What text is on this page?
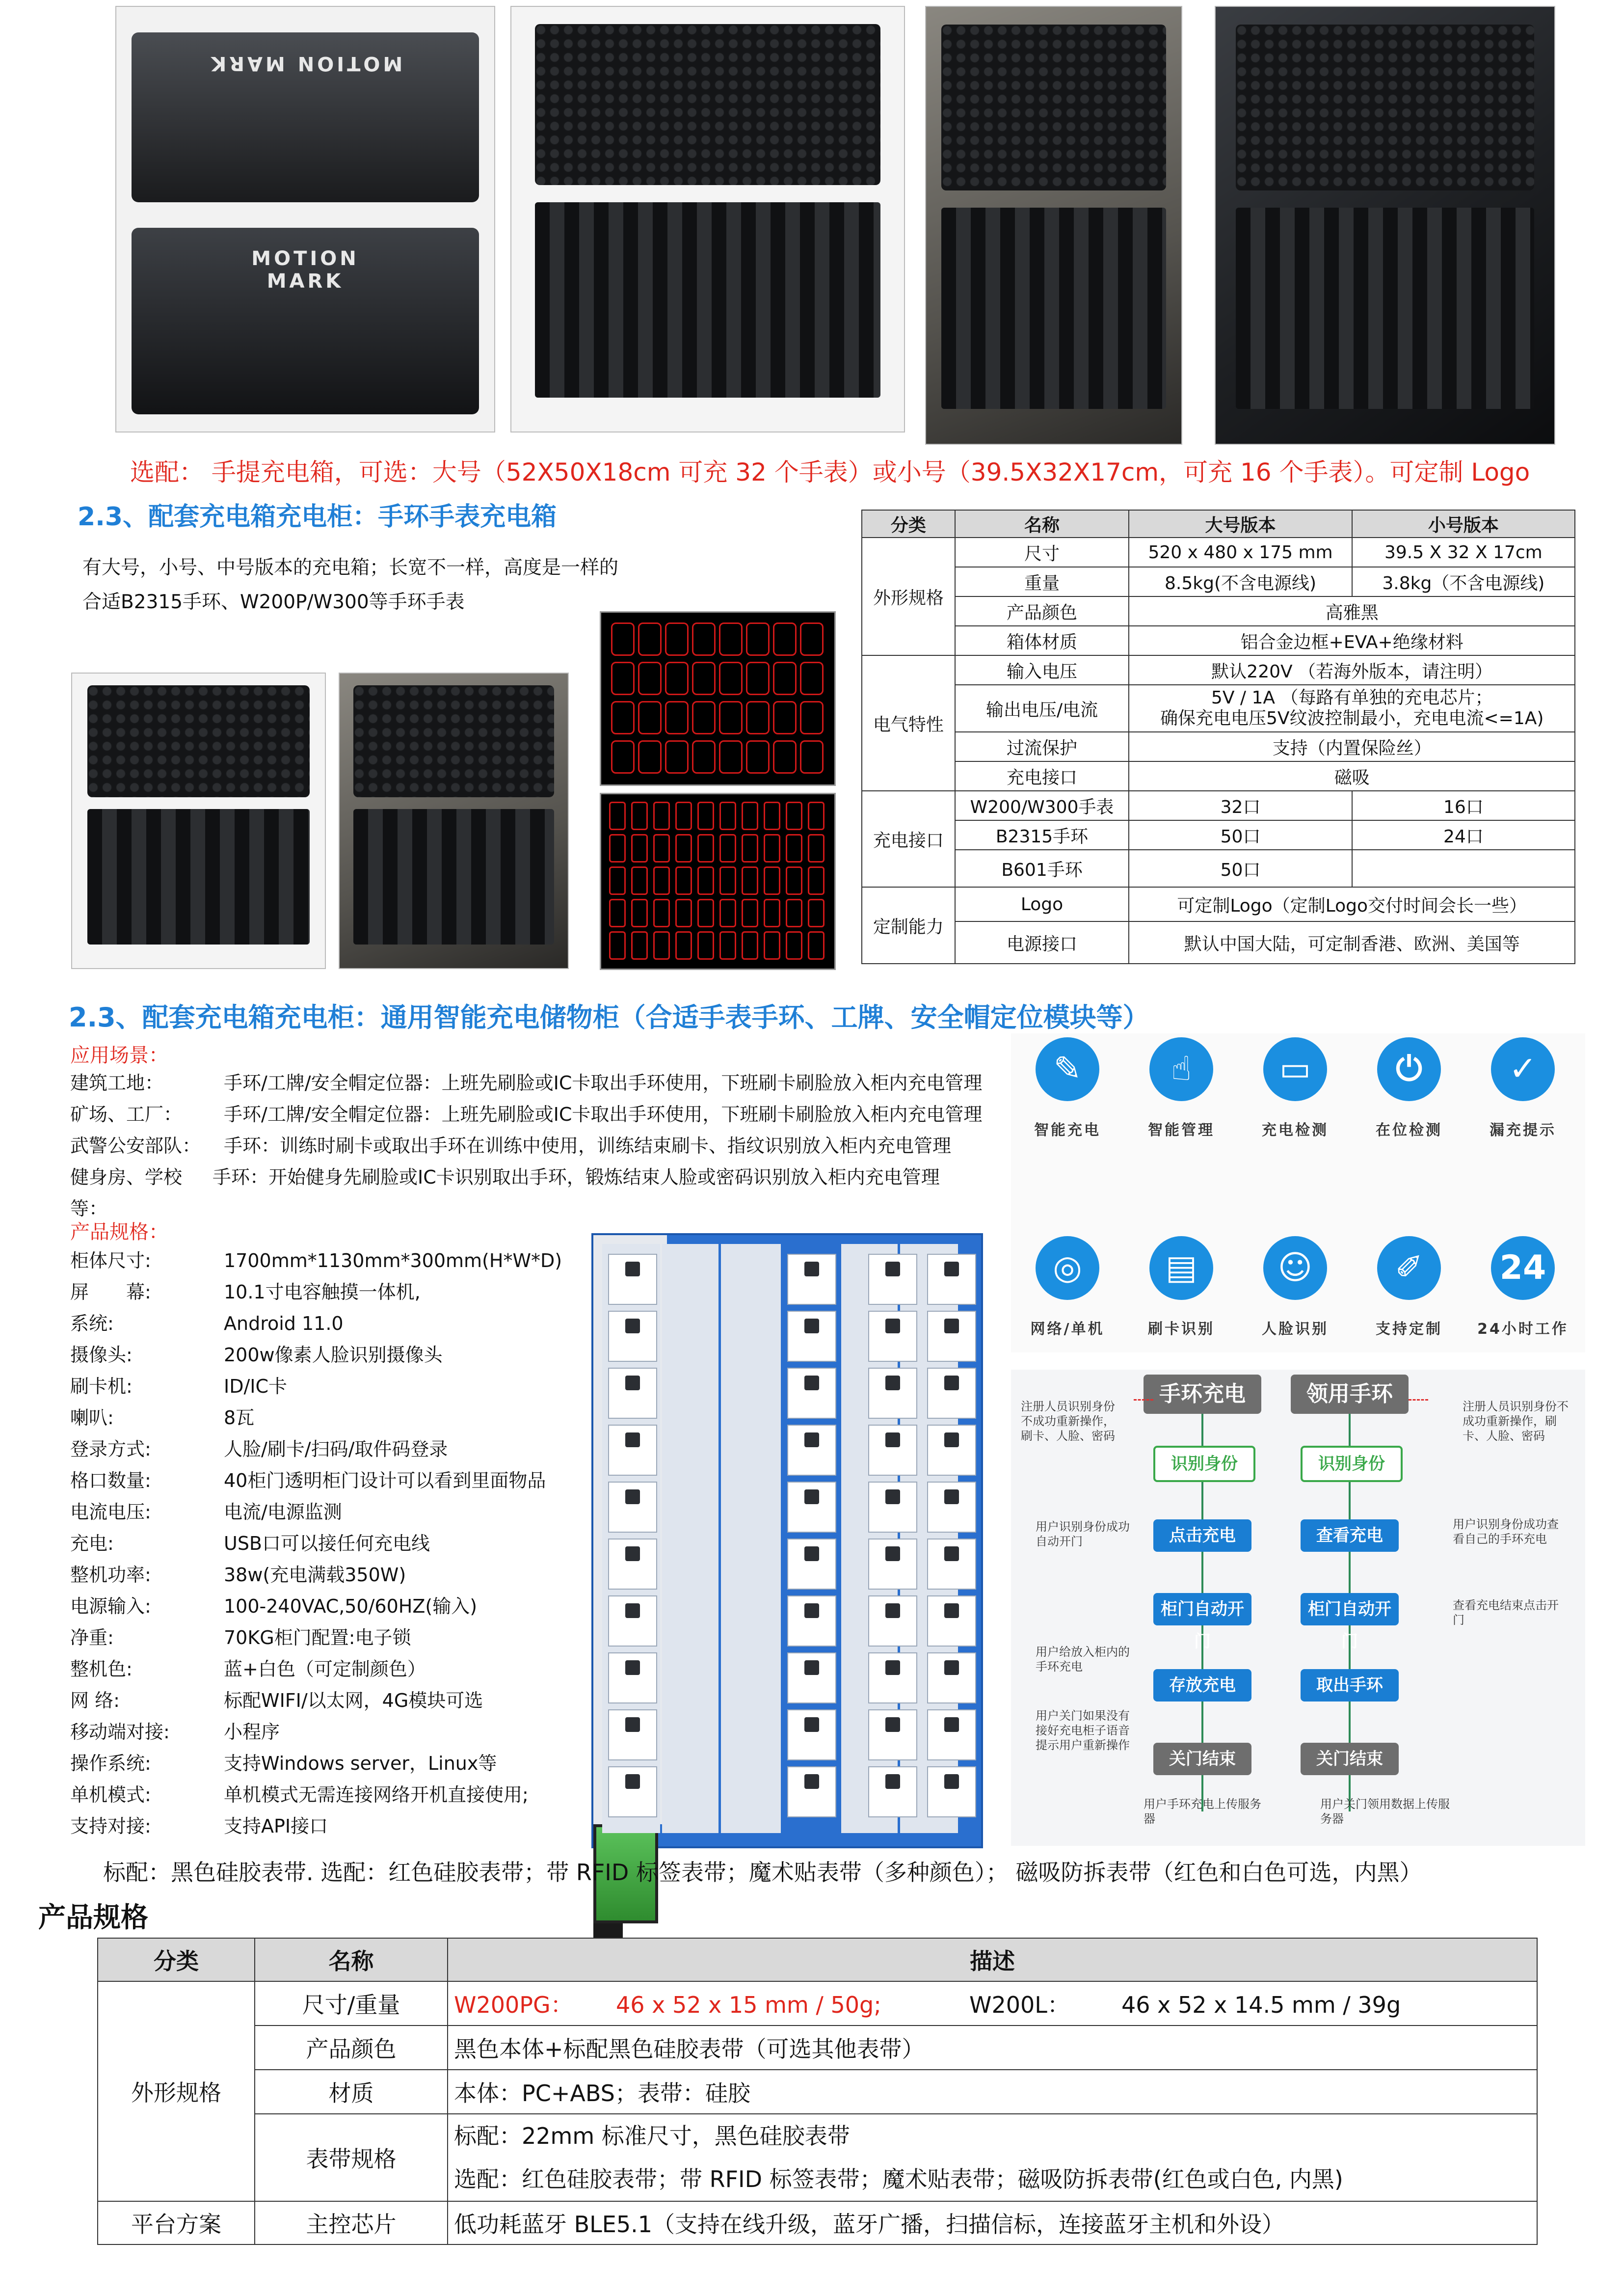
MOTION MARK
MOTION
MARK
选配： 手提充电箱，可选：大号（52X50X18cm 可充 32 个手表）或小号（39.5X32X17cm，可充 16 个手表）。可定制 Logo
2.3、配套充电箱充电柜：手环手表充电箱
有大号，小号、中号版本的充电箱；长宽不一样，高度是一样的
合适B2315手环、W200P/W300等手环手表
分类	名称	大号版本	小号版本
外形规格	尺寸	520 x 480 x 175 mm	39.5 X 32 X 17cm
	重量	8.5kg(不含电源线)	3.8kg（不含电源线)
	产品颜色	高雅黑	
	箱体材质	铝合金边框+EVA+绝缘材料	
电气特性	输入电压	默认220V （若海外版本，请注明）	
	输出电压/电流	5V / 1A （每路有单独的充电芯片；
确保充电电压5V纹波控制最小，充电电流<=1A)	

	过流保护	支持（内置保险丝）	
	充电接口	磁吸	
充电接口	W200/W300手表	32口	16口
	B2315手环	50口	24口
	B601手环	50口	
定制能力	Logo	可定制Logo（定制Logo交付时间会长一些）	
	电源接口	默认中国大陆，可定制香港、欧洲、美国等	
2.3、配套充电箱充电柜：通用智能充电储物柜（合适手表手环、工牌、安全帽定位模块等）
应用场景：
建筑工地：	手环/工牌/安全帽定位器：上班先刷脸或IC卡取出手环使用，下班刷卡刷脸放入柜内充电管理
矿场、工厂：	手环/工牌/安全帽定位器：上班先刷脸或IC卡取出手环使用，下班刷卡刷脸放入柜内充电管理
武警公安部队：	手环：训练时刷卡或取出手环在训练中使用，训练结束刷卡、指纹识别放入柜内充电管理
健身房、学校等：
手环：开始健身先刷脸或IC卡识别取出手环，锻炼结束人脸或密码识别放入柜内充电管理
产品规格：
柜体尺寸:	1700mm*1130mm*300mm(H*W*D)
屏　　幕:	10.1寸电容触摸一体机,
系统:	Android 11.0
摄像头:	200w像素人脸识别摄像头
刷卡机:	ID/IC卡
喇叭:	8瓦
登录方式:	人脸/刷卡/扫码/取件码登录
格口数量:	40柜门透明柜门设计可以看到里面物品
电流电压:	电流/电源监测
充电:	USB口可以接任何充电线
整机功率:	38w(充电满载350W)
电源输入:	100-240VAC,50/60HZ(输入)
净重:	70KG柜门配置:电子锁
整机色:	蓝+白色（可定制颜色）
网 络:	标配WIFI/以太网，4G模块可选
移动端对接:	小程序
操作系统:	支持Windows server，Linux等
单机模式:	单机模式无需连接网络开机直接使用;
支持对接:	支持API接口
✎
智能充电
☝
智能管理
▭
充电检测
⏻
在位检测
✓
漏充提示
◎
网络/单机
▤
刷卡识别
☺
人脸识别
✐
支持定制
24
24小时工作
手环充电	领用手环
识别身份
点击充电
柜门自动开门
存放充电
关门结束
识别身份
查看充电
柜门自动开门
取出手环
关门结束
注册人员识别身份不成功重新操作，刷卡、人脸、密码
用户识别身份成功自动开门
用户给放入柜内的手环充电
用户关门如果没有接好充电柜子语音提示用户重新操作
用户手环充电上传服务器
注册人员识别身份不成功重新操作，刷卡、人脸、密码
用户识别身份成功查看自己的手环充电
查看充电结束点击开门
用户关门领用数据上传服务器
标配：黑色硅胶表带. 选配：红色硅胶表带；带 RFID 标签表带；魔术贴表带（多种颜色）； 磁吸防拆表带（红色和白色可选，内黑）
产品规格
分类	名称	描述
外形规格	尺寸/重量	W200PG： 46 x 52 x 15 mm / 50g; W200L： 46 x 52 x 14.5 mm / 39g
	产品颜色	黑色本体+标配黑色硅胶表带（可选其他表带）
	材质	本体：PC+ABS；表带：硅胶
	表带规格	标配：22mm 标准尺寸，黑色硅胶表带
选配：红色硅胶表带；带 RFID 标签表带；魔术贴表带；磁吸防拆表带(红色或白色, 内黑)

平台方案	主控芯片	低功耗蓝牙 BLE5.1（支持在线升级，蓝牙广播，扫描信标，连接蓝牙主机和外设）
